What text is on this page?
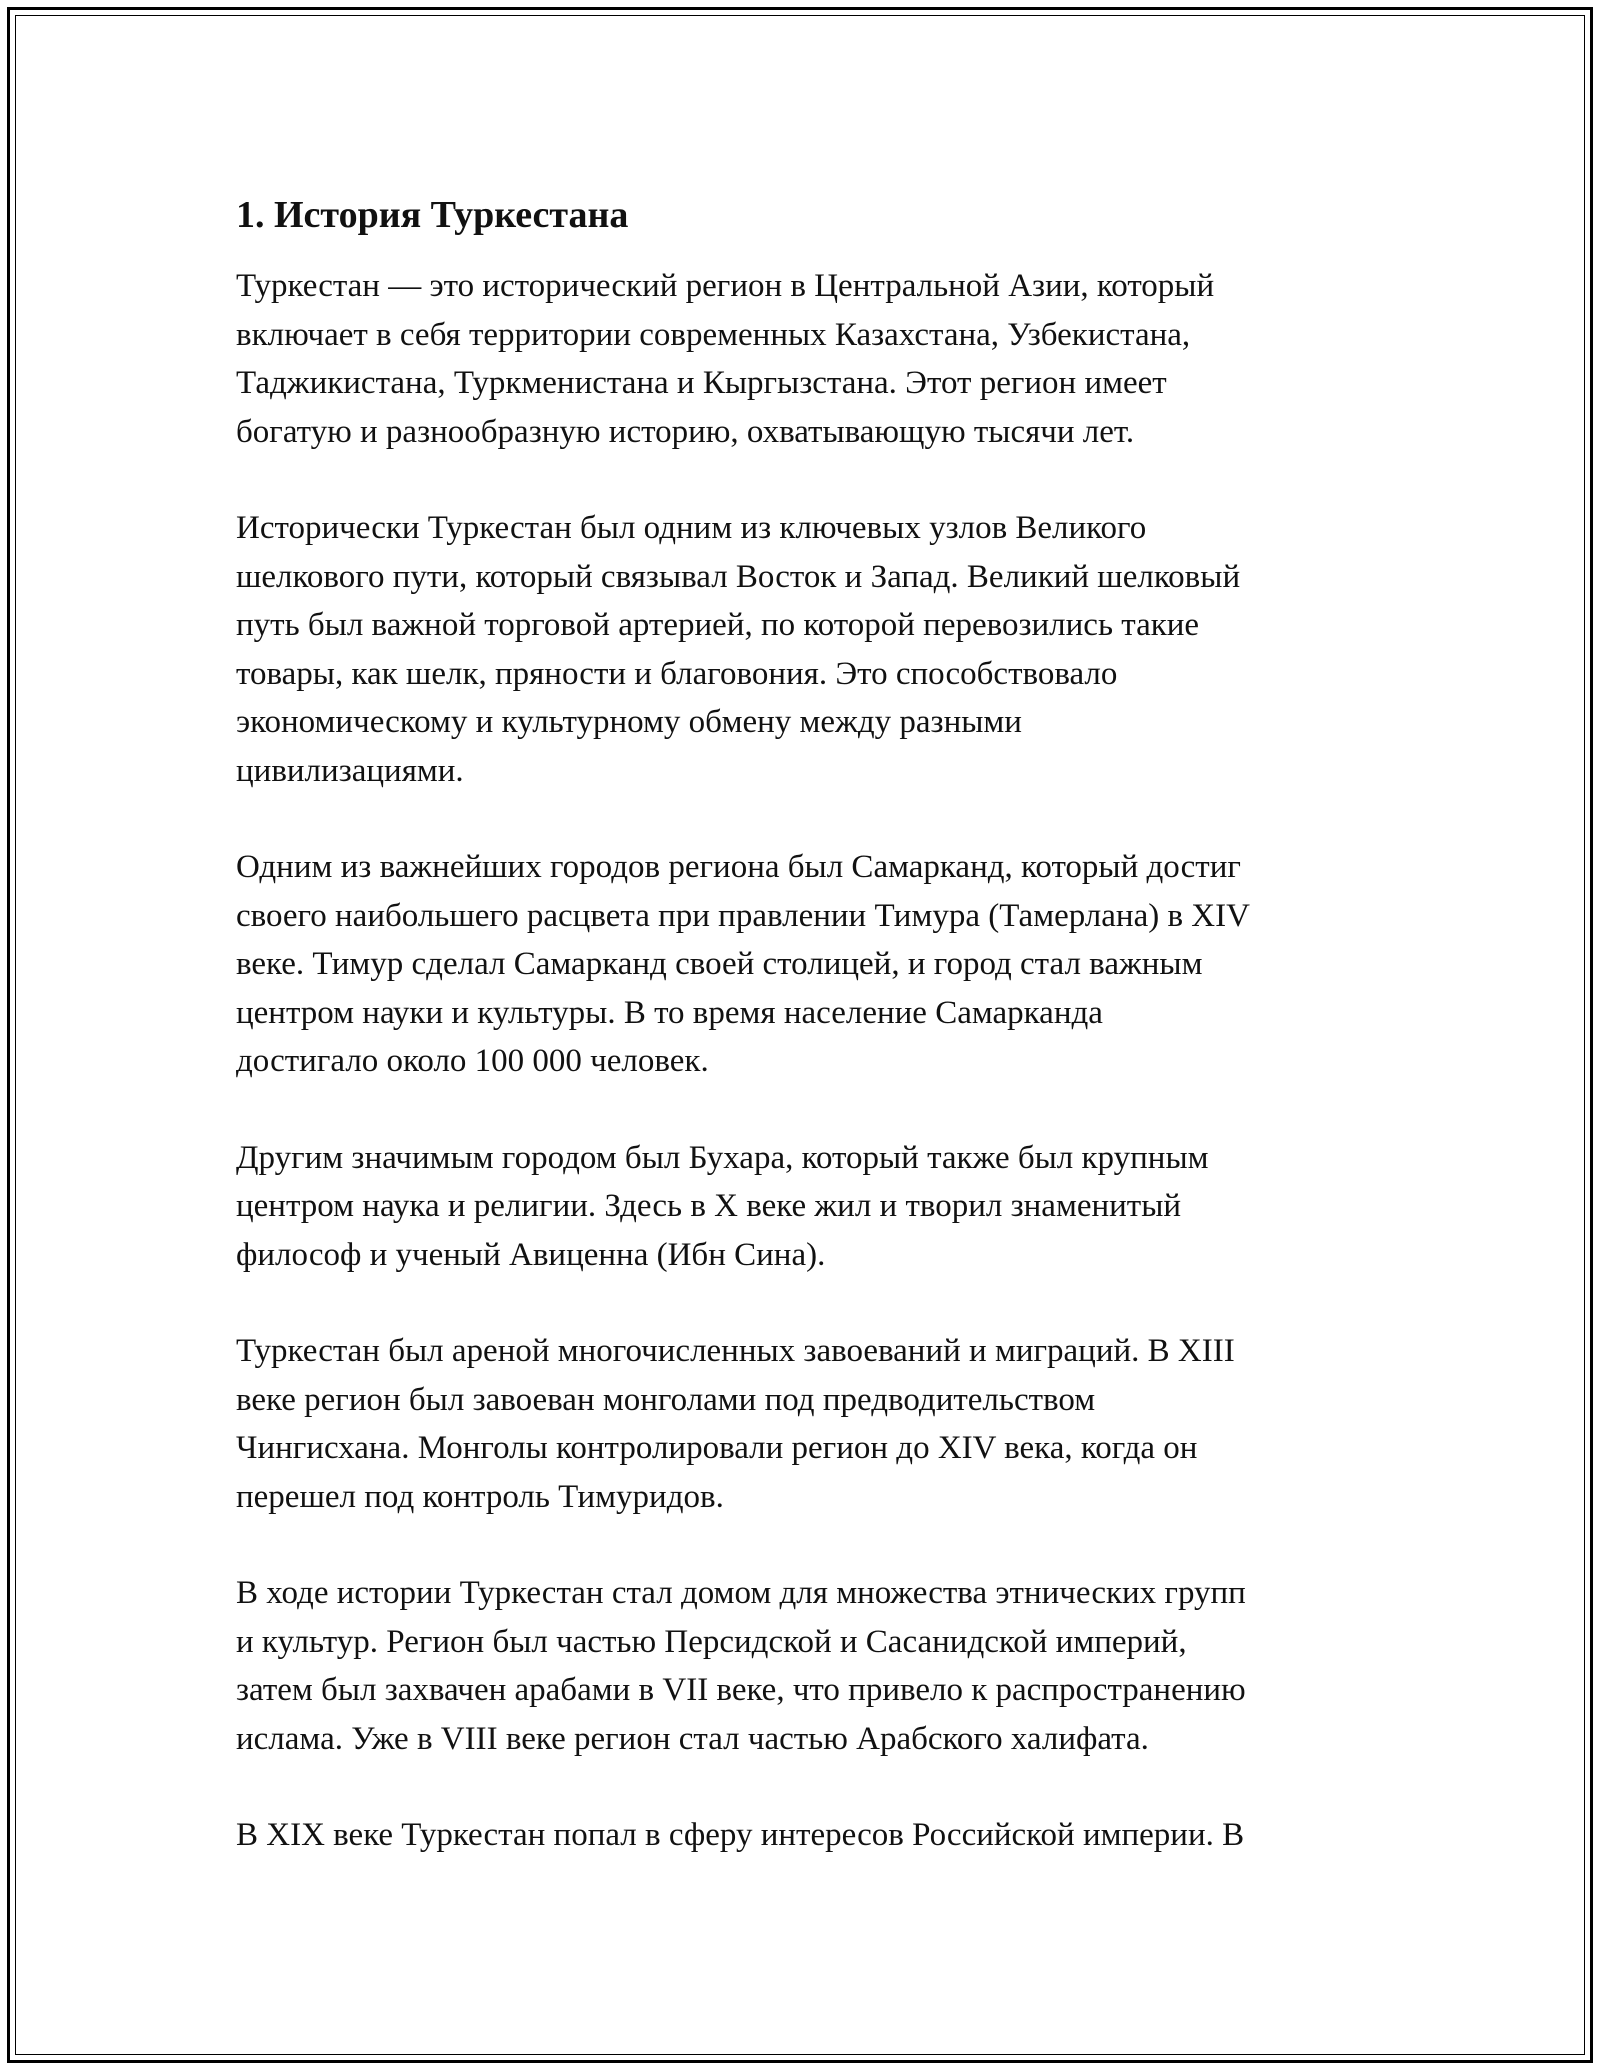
1. История Туркестана

Туркестан — это исторический регион в Центральной Азии, который
включает в себя территории современных Казахстана, Узбекистана,
Таджикистана, Туркменистана и Кыргызстана. Этот регион имеет
богатую и разнообразную историю, охватывающую тысячи лет.

Исторически Туркестан был одним из ключевых узлов Великого
шелкового пути, который связывал Восток и Запад. Великий шелковый
путь был важной торговой артерией, по которой перевозились такие
товары, как шелк, пряности и благовония. Это способствовало
экономическому и культурному обмену между разными
цивилизациями.

Одним из важнейших городов региона был Самарканд, который достиг
своего наибольшего расцвета при правлении Тимура (Тамерлана) в XIV
веке. Тимур сделал Самарканд своей столицей, и город стал важным
центром науки и культуры. В то время население Самарканда
достигало около 100 000 человек.

Другим значимым городом был Бухара, который также был крупным
центром наука и религии. Здесь в X веке жил и творил знаменитый
философ и ученый Авиценна (Ибн Сина).

Туркестан был ареной многочисленных завоеваний и миграций. В XIII
веке регион был завоеван монголами под предводительством
Чингисхана. Монголы контролировали регион до XIV века, когда он
перешел под контроль Тимуридов.

В ходе истории Туркестан стал домом для множества этнических групп
и культур. Регион был частью Персидской и Сасанидской империй,
затем был захвачен арабами в VII веке, что привело к распространению
ислама. Уже в VIII веке регион стал частью Арабского халифата.

В XIX веке Туркестан попал в сферу интересов Российской империи. В
